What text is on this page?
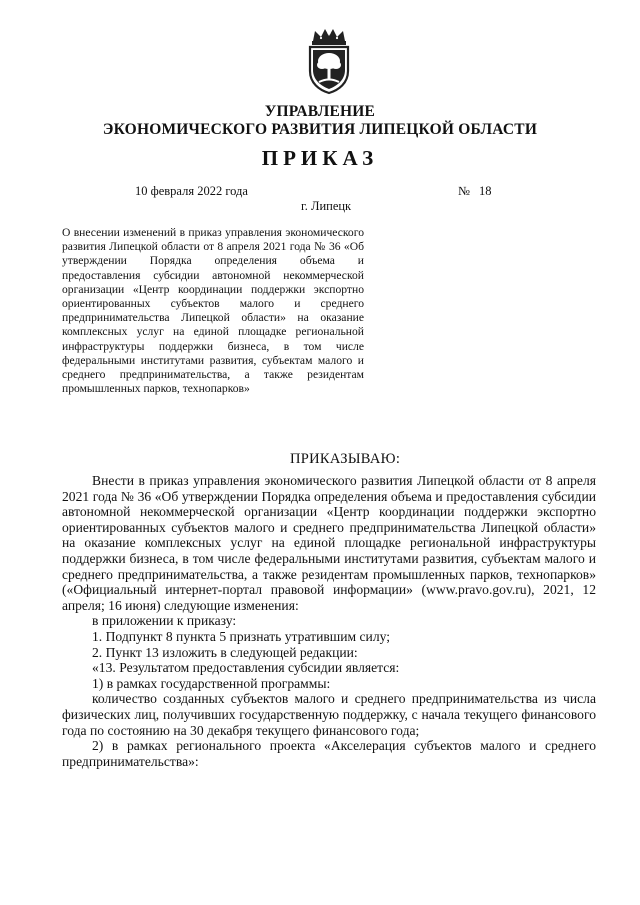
УПРАВЛЕНИЕ
ЭКОНОМИЧЕСКОГО РАЗВИТИЯ ЛИПЕЦКОЙ ОБЛАСТИ
ПРИКАЗ
10 февраля 2022 года	№ 18
г. Липецк

О внесении изменений в приказ управления экономического развития Липецкой области от 8 апреля 2021 года № 36 «Об утверждении Порядка определения объема и предоставления субсидии автономной некоммерческой организации «Центр координации поддержки экспортно ориентированных субъектов малого и среднего предпринимательства Липецкой области» на оказание комплексных услуг на единой площадке региональной инфраструктуры поддержки бизнеса, в том числе федеральными институтами развития, субъектам малого и среднего предпринимательства, а также резидентам промышленных парков, технопарков»

ПРИКАЗЫВАЮ:

Внести в приказ управления экономического развития Липецкой области от 8 апреля 2021 года № 36 «Об утверждении Порядка определения объема и предоставления субсидии автономной некоммерческой организации «Центр координации поддержки экспортно ориентированных субъектов малого и среднего предпринимательства Липецкой области» на оказание комплексных услуг на единой площадке региональной инфраструктуры поддержки бизнеса, в том числе федеральными институтами развития, субъектам малого и среднего предпринимательства, а также резидентам промышленных парков, технопарков» («Официальный интернет-портал правовой информации» (www.pravo.gov.ru), 2021, 12 апреля; 16 июня) следующие изменения:

в приложении к приказу:

1. Подпункт 8 пункта 5 признать утратившим силу;

2. Пункт 13 изложить в следующей редакции:

«13. Результатом предоставления субсидии является:

1) в рамках государственной программы:

количество созданных субъектов малого и среднего предпринимательства из числа физических лиц, получивших государственную поддержку, с начала текущего финансового года по состоянию на 30 декабря текущего финансового года;

2) в рамках регионального проекта «Акселерация субъектов малого и среднего предпринимательства»:
